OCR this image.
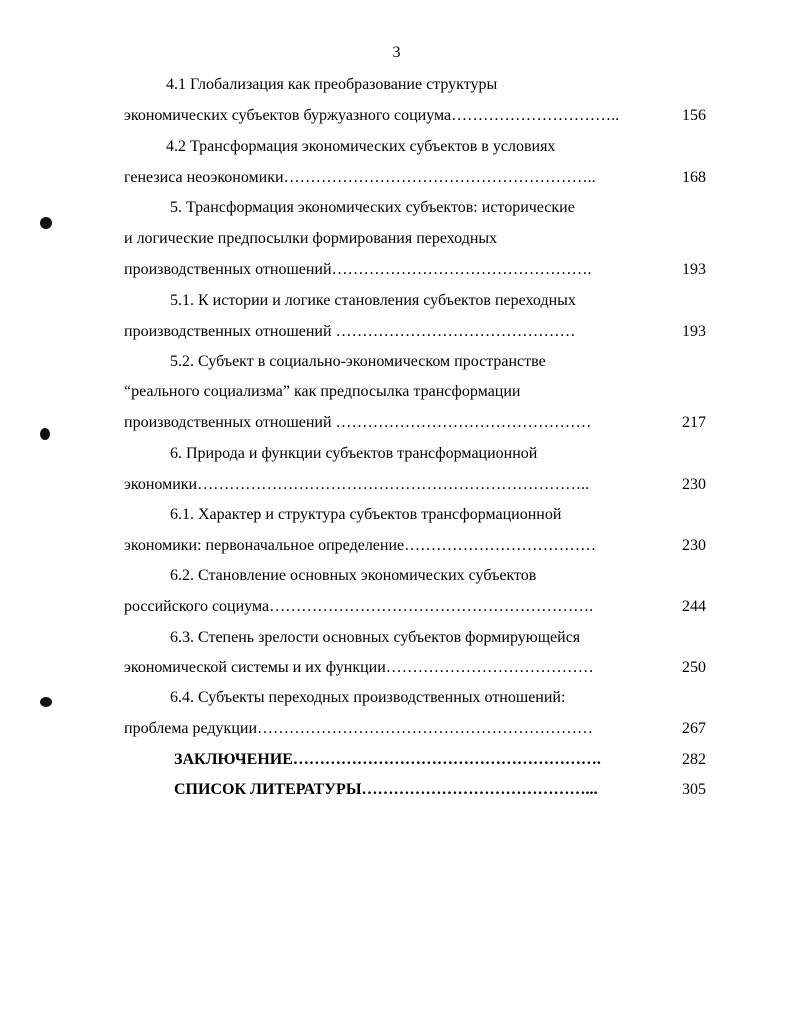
3
4.1 Глобализация как преобразование структуры
экономических субъектов буржуазного социума…………………………..	156
4.2 Трансформация экономических субъектов в условиях
генезиса неоэкономики…………………………………………………..	168
5. Трансформация экономических субъектов: исторические
и логические предпосылки формирования переходных
производственных отношений………………………………………….	193
5.1. К истории и логике становления субъектов переходных
производственных отношений ………………………………………	193
5.2. Субъект в социально-экономическом пространстве
“реального социализма” как предпосылка трансформации
производственных отношений …………………………………………	217
6. Природа и функции субъектов трансформационной
экономики………………………………………………………………..	230
6.1. Характер и структура субъектов трансформационной
экономики: первоначальное определение………………………………	230
6.2. Становление основных экономических субъектов
российского социума…………………………………………………….	244
6.3. Степень зрелости основных субъектов формирующейся
экономической системы и их функции…………………………………	250
6.4. Субъекты переходных производственных отношений:
проблема редукции………………………………………………………	267
ЗАКЛЮЧЕНИЕ………………………………………………….	282
СПИСОК ЛИТЕРАТУРЫ……………………………………...	305
